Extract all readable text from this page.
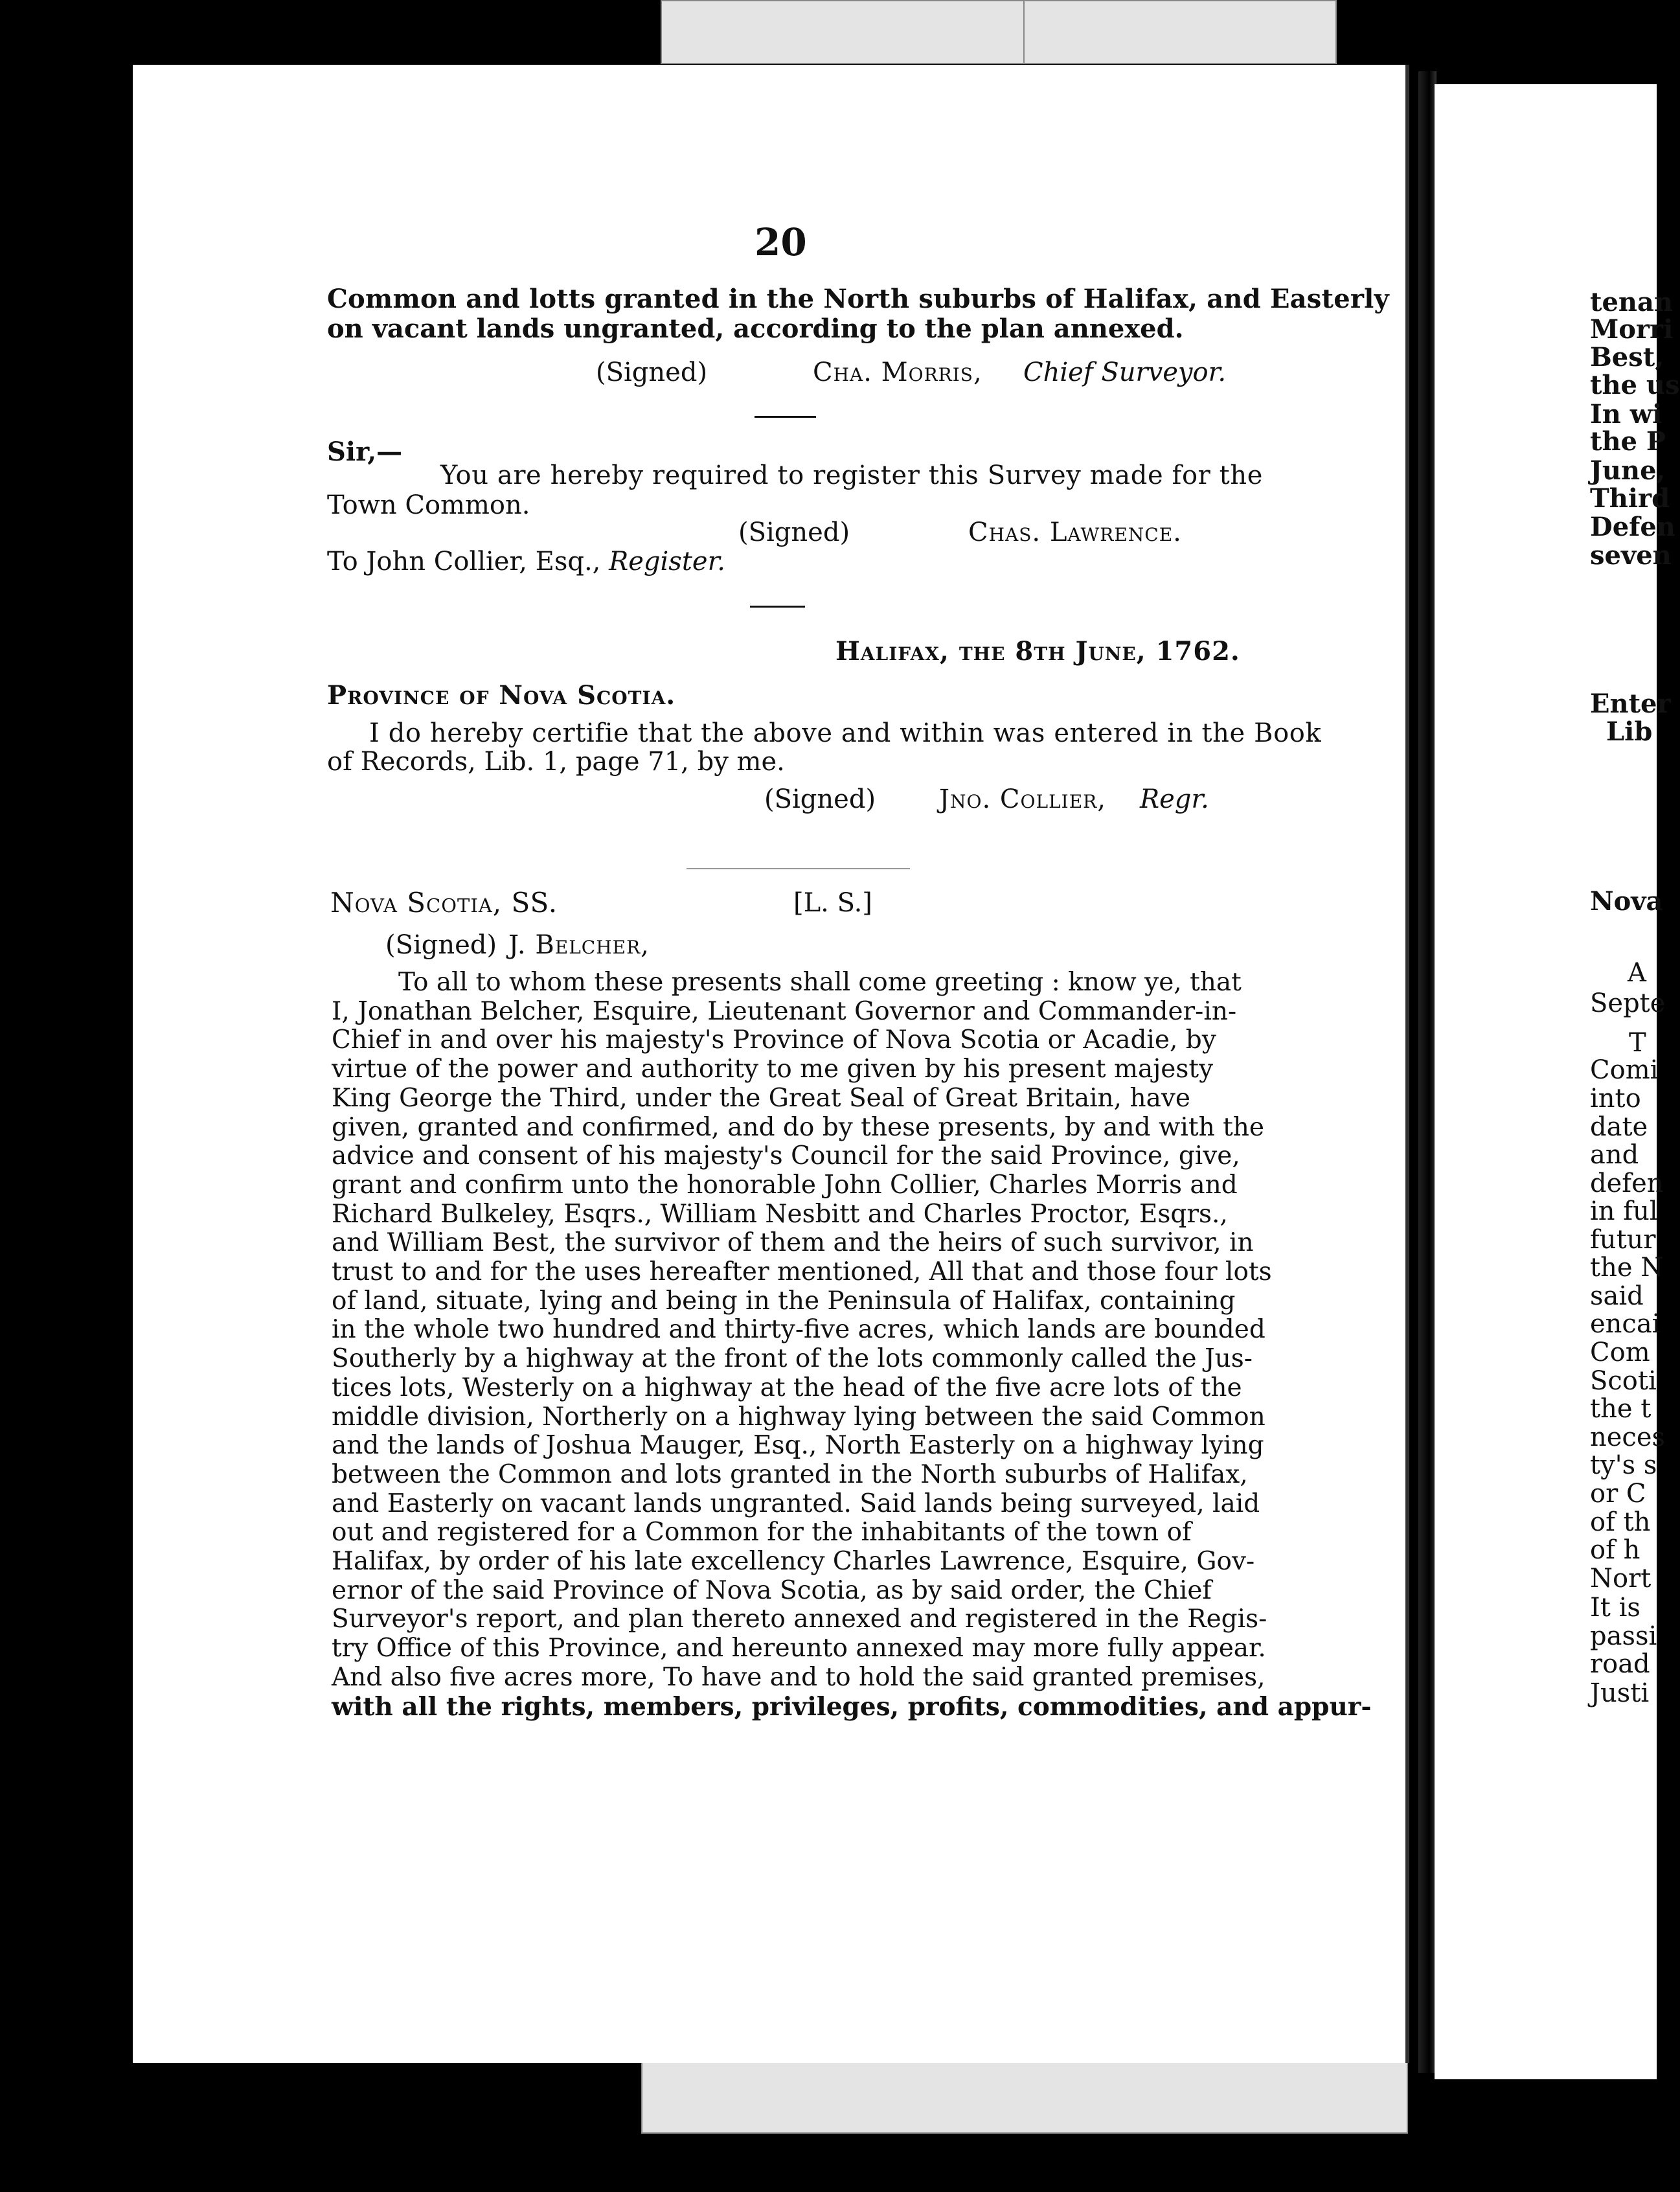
20
Common and lotts granted in the North suburbs of Halifax, and Easterly
on vacant lands ungranted, according to the plan annexed.
(Signed)	Cha. Morris, Chief Surveyor.
Sir,—
You are hereby required to register this Survey made for the
Town Common.
(Signed)	Chas. Lawrence.
To John Collier, Esq., Register.
Halifax, the 8th June, 1762.
Province of Nova Scotia.
I do hereby certifie that the above and within was entered in the Book
of Records, Lib. 1, page 71, by me.
(Signed) Jno. Collier, Regr.
Nova Scotia, SS.	[L. S.]
(Signed) J. Belcher,
To all to whom these presents shall come greeting : know ye, that
I, Jonathan Belcher, Esquire, Lieutenant Governor and Commander-in-
Chief in and over his majesty's Province of Nova Scotia or Acadie, by
virtue of the power and authority to me given by his present majesty
King George the Third, under the Great Seal of Great Britain, have
given, granted and confirmed, and do by these presents, by and with the
advice and consent of his majesty's Council for the said Province, give,
grant and confirm unto the honorable John Collier, Charles Morris and
Richard Bulkeley, Esqrs., William Nesbitt and Charles Proctor, Esqrs.,
and William Best, the survivor of them and the heirs of such survivor, in
trust to and for the uses hereafter mentioned, All that and those four lots
of land, situate, lying and being in the Peninsula of Halifax, containing
in the whole two hundred and thirty-five acres, which lands are bounded
Southerly by a highway at the front of the lots commonly called the Jus-
tices lots, Westerly on a highway at the head of the five acre lots of the
middle division, Northerly on a highway lying between the said Common
and the lands of Joshua Mauger, Esq., North Easterly on a highway lying
between the Common and lots granted in the North suburbs of Halifax,
and Easterly on vacant lands ungranted. Said lands being surveyed, laid
out and registered for a Common for the inhabitants of the town of
Halifax, by order of his late excellency Charles Lawrence, Esquire, Gov-
ernor of the said Province of Nova Scotia, as by said order, the Chief
Surveyor's report, and plan thereto annexed and registered in the Regis-
try Office of this Province, and hereunto annexed may more fully appear.
And also five acres more, To have and to hold the said granted premises,
with all the rights, members, privileges, profits, commodities, and appur-
tenan
Morri
Best,
the us
In wi
the P
June,
Third
Defen
seven
Enter
Lib
Nova
A
Septe
T
Comi
into
date
and
defen
in ful
futur
the N
said
encai
Com
Scoti
the t
neces
ty's s
or C
of th
of h
Nort
It is
passi
road
Justi
